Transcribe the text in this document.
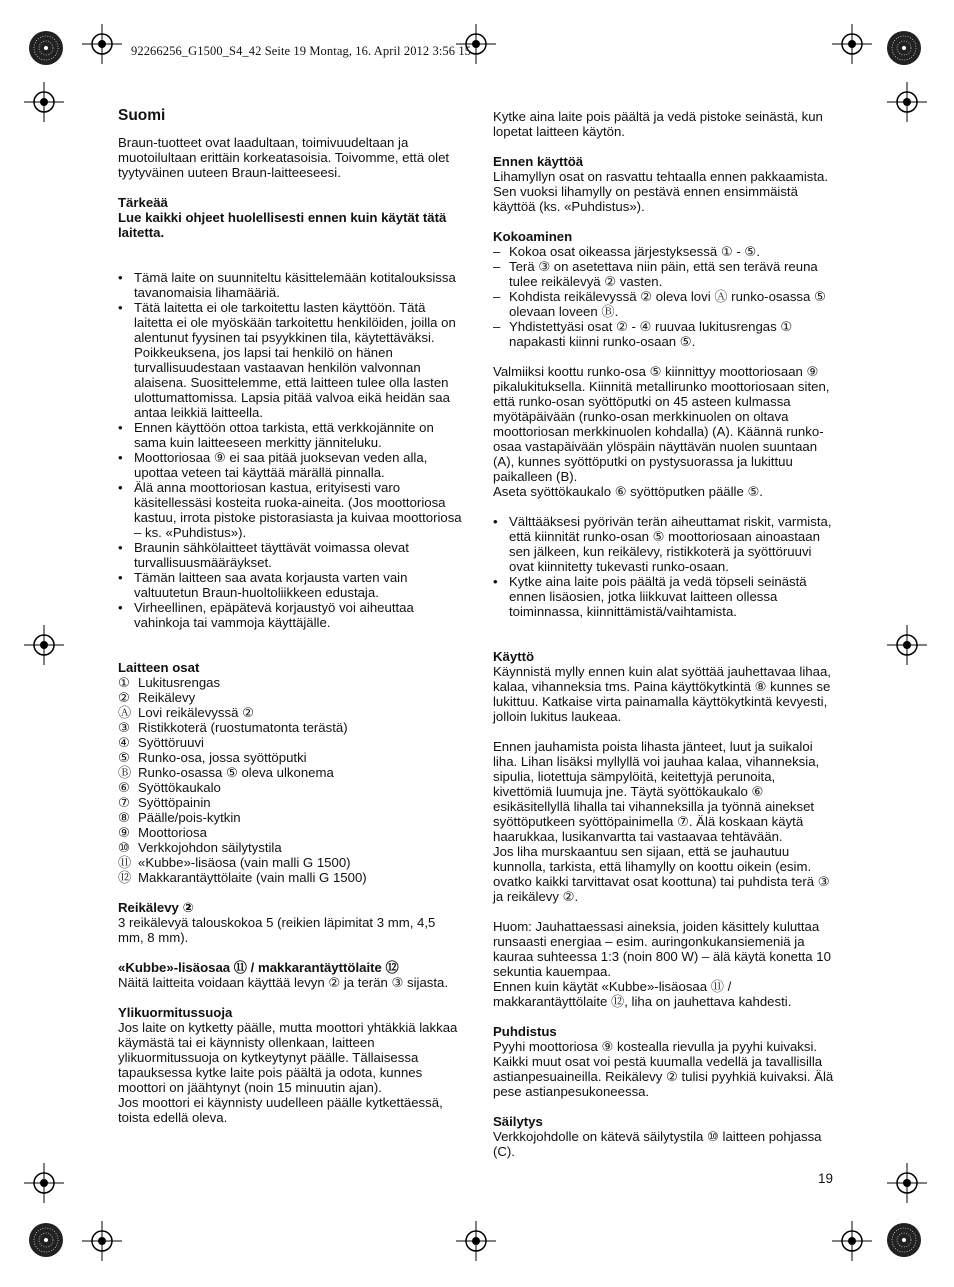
92266256_G1500_S4_42 Seite 19 Montag, 16. April 2012 3:56 15

Suomi

Braun-tuotteet ovat laadultaan, toimivuudeltaan ja muotoilultaan erittäin korkeatasoisia. Toivomme, että olet tyytyväinen uuteen Braun-laitteeseesi.

Tärkeää

Lue kaikki ohjeet huolellisesti ennen kuin käytät tätä laitetta.

• Tämä laite on suunniteltu käsittelemään kotitalouksissa tavanomaisia lihamääriä.
• Tätä laitetta ei ole tarkoitettu lasten käyttöön. Tätä laitetta ei ole myöskään tarkoitettu henkilöiden, joilla on alentunut fyysinen tai psyykkinen tila, käytettäväksi. Poikkeuksena, jos lapsi tai henkilö on hänen turvallisuudestaan vastaavan henkilön valvonnan alaisena. Suosittelemme, että laitteen tulee olla lasten ulottumattomissa. Lapsia pitää valvoa eikä heidän saa antaa leikkiä laitteella.
• Ennen käyttöön ottoa tarkista, että verkkojännite on sama kuin laitteeseen merkitty jänniteluku.
• Moottoriosaa ⑨ ei saa pitää juoksevan veden alla, upottaa veteen tai käyttää märällä pinnalla.
• Älä anna moottoriosan kastua, erityisesti varo käsitellessäsi kosteita ruoka-aineita. (Jos moottoriosa kastuu, irrota pistoke pistorasiasta ja kuivaa moottoriosa – ks. «Puhdistus»).
• Braunin sähkölaitteet täyttävät voimassa olevat turvallisuusmääräykset.
• Tämän laitteen saa avata korjausta varten vain valtuutetun Braun-huoltoliikkeen edustaja.
• Virheellinen, epäpätevä korjaustyö voi aiheuttaa vahinkoja tai vammoja käyttäjälle.

Laitteen osat

① Lukitusrengas
② Reikälevy
Ⓐ Lovi reikälevyssä ②
③ Ristikkoterä (ruostumatonta terästä)
④ Syöttöruuvi
⑤ Runko-osa, jossa syöttöputki
Ⓑ Runko-osassa ⑤ oleva ulkonema
⑥ Syöttökaukalo
⑦ Syöttöpainin
⑧ Päälle/pois-kytkin
⑨ Moottoriosa
⑩ Verkkojohdon säilytystila
⑪ «Kubbe»-lisäosa (vain malli G 1500)
⑫ Makkarantäyttölaite (vain malli G 1500)

Reikälevy ②

3 reikälevyä talouskokoa 5 (reikien läpimitat 3 mm, 4,5 mm, 8 mm).

«Kubbe»-lisäosaa ⑪ / makkarantäyttölaite ⑫

Näitä laitteita voidaan käyttää levyn ② ja terän ③ sijasta.

Ylikuormitussuoja

Jos laite on kytketty päälle, mutta moottori yhtäkkiä lakkaa käymästä tai ei käynnisty ollenkaan, laitteen ylikuormitussuoja on kytkeytynyt päälle. Tällaisessa tapauksessa kytke laite pois päältä ja odota, kunnes moottori on jäähtynyt (noin 15 minuutin ajan).

Jos moottori ei käynnisty uudelleen päälle kytkettäessä, toista edellä oleva.

Kytke aina laite pois päältä ja vedä pistoke seinästä, kun lopetat laitteen käytön.

Ennen käyttöä

Lihamyllyn osat on rasvattu tehtaalla ennen pakkaamista. Sen vuoksi lihamylly on pestävä ennen ensimmäistä käyttöä (ks. «Puhdistus»).

Kokoaminen

– Kokoa osat oikeassa järjestyksessä ① - ⑤.
– Terä ③ on asetettava niin päin, että sen terävä reuna tulee reikälevyä ② vasten.
– Kohdista reikälevyssä ② oleva lovi Ⓐ runko-osassa ⑤ olevaan loveen Ⓑ.
– Yhdistettyäsi osat ② - ④ ruuvaa lukitusrengas ① napakasti kiinni runko-osaan ⑤.

Valmiiksi koottu runko-osa ⑤ kiinnittyy moottoriosaan ⑨ pikalukituksella. Kiinnitä metallirunko moottoriosaan siten, että runko-osan syöttöputki on 45 asteen kulmassa myötäpäivään (runko-osan merkkinuolen on oltava moottoriosan merkkinuolen kohdalla) (A). Käännä runko-osaa vastapäivään ylöspäin näyttävän nuolen suuntaan (A), kunnes syöttöputki on pystysuorassa ja lukittuu paikalleen (B).

Aseta syöttökaukalo ⑥ syöttöputken päälle ⑤.

• Välttääksesi pyörivän terän aiheuttamat riskit, varmista, että kiinnität runko-osan ⑤ moottoriosaan ainoastaan sen jälkeen, kun reikälevy, ristikkoterä ja syöttöruuvi ovat kiinnitetty tukevasti runko-osaan.
• Kytke aina laite pois päältä ja vedä töpseli seinästä ennen lisäosien, jotka liikkuvat laitteen ollessa toiminnassa, kiinnittämistä/vaihtamista.

Käyttö

Käynnistä mylly ennen kuin alat syöttää jauhettavaa lihaa, kalaa, vihanneksia tms. Paina käyttökytkintä ⑧ kunnes se lukittuu. Katkaise virta painamalla käyttökytkintä kevyesti, jolloin lukitus laukeaa.

Ennen jauhamista poista lihasta jänteet, luut ja suikaloi liha. Lihan lisäksi myllyllä voi jauhaa kalaa, vihanneksia, sipulia, liotettuja sämpylöitä, keitettyjä perunoita, kivettömiä luumuja jne. Täytä syöttökaukalo ⑥ esikäsitellyllä lihalla tai vihanneksilla ja työnnä ainekset syöttöputkeen syöttöpainimella ⑦. Älä koskaan käytä haarukkaa, lusikanvartta tai vastaavaa tehtävään.

Jos liha murskaantuu sen sijaan, että se jauhautuu kunnolla, tarkista, että lihamylly on koottu oikein (esim. ovatko kaikki tarvittavat osat koottuna) tai puhdista terä ③ ja reikälevy ②.

Huom: Jauhattaessasi aineksia, joiden käsittely kuluttaa runsaasti energiaa – esim. auringonkukansiemeniä ja kauraa suhteessa 1:3 (noin 800 W) – älä käytä konetta 10 sekuntia kauempaa.

Ennen kuin käytät «Kubbe»-lisäosaa ⑪ / makkarantäyttölaite ⑫, liha on jauhettava kahdesti.

Puhdistus

Pyyhi moottoriosa ⑨ kostealla rievulla ja pyyhi kuivaksi. Kaikki muut osat voi pestä kuumalla vedellä ja tavallisilla astianpesuaineilla. Reikälevy ② tulisi pyyhkiä kuivaksi. Älä pese astianpesukoneessa.

Säilytys

Verkkojohdolle on kätevä säilytystila ⑩ laitteen pohjassa (C).

19
